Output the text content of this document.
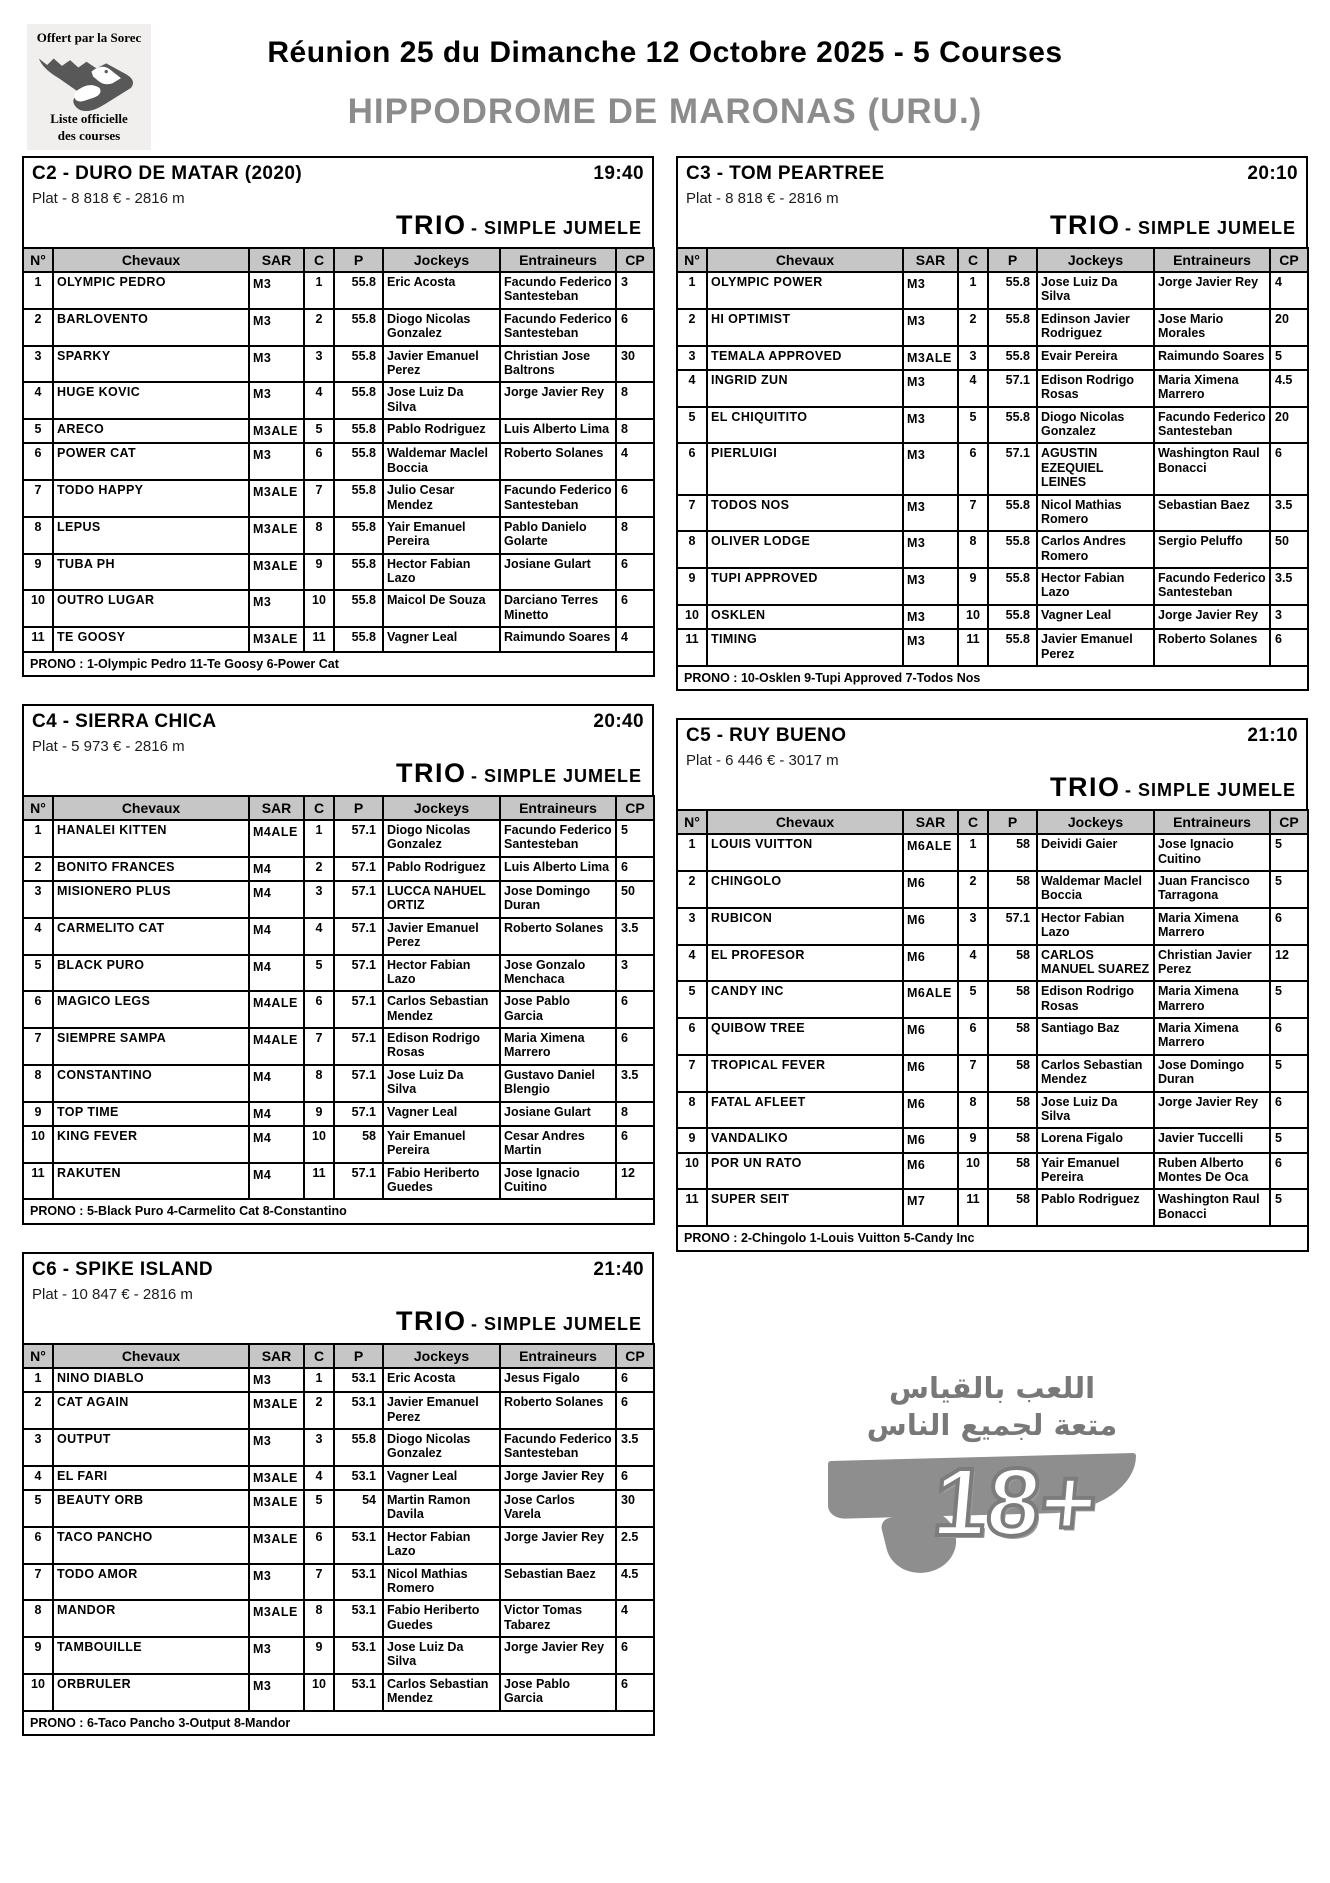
Offert par la Sorec
Liste officielle
des courses
Réunion 25 du Dimanche 12 Octobre 2025 - 5 Courses
HIPPODROME DE MARONAS (URU.)
C2 - DURO DE MATAR (2020)	19:40
Plat - 8 818 € - 2816 m
TRIO - SIMPLE JUMELE
N°	Chevaux	SAR	C	P	Jockeys	Entraineurs	CP
1	OLYMPIC PEDRO	M3	1	55.8	Eric Acosta	Facundo Federico Santesteban	3
2	BARLOVENTO	M3	2	55.8	Diogo Nicolas Gonzalez	Facundo Federico Santesteban	6
3	SPARKY	M3	3	55.8	Javier Emanuel Perez	Christian Jose Baltrons	30
4	HUGE KOVIC	M3	4	55.8	Jose Luiz Da Silva	Jorge Javier Rey	8
5	ARECO	M3ALE	5	55.8	Pablo Rodriguez	Luis Alberto Lima	8
6	POWER CAT	M3	6	55.8	Waldemar Maclel Boccia	Roberto Solanes	4
7	TODO HAPPY	M3ALE	7	55.8	Julio Cesar Mendez	Facundo Federico Santesteban	6
8	LEPUS	M3ALE	8	55.8	Yair Emanuel Pereira	Pablo Danielo Golarte	8
9	TUBA PH	M3ALE	9	55.8	Hector Fabian Lazo	Josiane Gulart	6
10	OUTRO LUGAR	M3	10	55.8	Maicol De Souza	Darciano Terres Minetto	6
11	TE GOOSY	M3ALE	11	55.8	Vagner Leal	Raimundo Soares	4
PRONO : 1-Olympic Pedro 11-Te Goosy 6-Power Cat							
C4 - SIERRA CHICA	20:40
Plat - 5 973 € - 2816 m
TRIO - SIMPLE JUMELE
N°	Chevaux	SAR	C	P	Jockeys	Entraineurs	CP
1	HANALEI KITTEN	M4ALE	1	57.1	Diogo Nicolas Gonzalez	Facundo Federico Santesteban	5
2	BONITO FRANCES	M4	2	57.1	Pablo Rodriguez	Luis Alberto Lima	6
3	MISIONERO PLUS	M4	3	57.1	LUCCA NAHUEL ORTIZ	Jose Domingo Duran	50
4	CARMELITO CAT	M4	4	57.1	Javier Emanuel Perez	Roberto Solanes	3.5
5	BLACK PURO	M4	5	57.1	Hector Fabian Lazo	Jose Gonzalo Menchaca	3
6	MAGICO LEGS	M4ALE	6	57.1	Carlos Sebastian Mendez	Jose Pablo Garcia	6
7	SIEMPRE SAMPA	M4ALE	7	57.1	Edison Rodrigo Rosas	Maria Ximena Marrero	6
8	CONSTANTINO	M4	8	57.1	Jose Luiz Da Silva	Gustavo Daniel Blengio	3.5
9	TOP TIME	M4	9	57.1	Vagner Leal	Josiane Gulart	8
10	KING FEVER	M4	10	58	Yair Emanuel Pereira	Cesar Andres Martin	6
11	RAKUTEN	M4	11	57.1	Fabio Heriberto Guedes	Jose Ignacio Cuitino	12
PRONO : 5-Black Puro 4-Carmelito Cat 8-Constantino							
C6 - SPIKE ISLAND	21:40
Plat - 10 847 € - 2816 m
TRIO - SIMPLE JUMELE
N°	Chevaux	SAR	C	P	Jockeys	Entraineurs	CP
1	NINO DIABLO	M3	1	53.1	Eric Acosta	Jesus Figalo	6
2	CAT AGAIN	M3ALE	2	53.1	Javier Emanuel Perez	Roberto Solanes	6
3	OUTPUT	M3	3	55.8	Diogo Nicolas Gonzalez	Facundo Federico Santesteban	3.5
4	EL FARI	M3ALE	4	53.1	Vagner Leal	Jorge Javier Rey	6
5	BEAUTY ORB	M3ALE	5	54	Martin Ramon Davila	Jose Carlos Varela	30
6	TACO PANCHO	M3ALE	6	53.1	Hector Fabian Lazo	Jorge Javier Rey	2.5
7	TODO AMOR	M3	7	53.1	Nicol Mathias Romero	Sebastian Baez	4.5
8	MANDOR	M3ALE	8	53.1	Fabio Heriberto Guedes	Victor Tomas Tabarez	4
9	TAMBOUILLE	M3	9	53.1	Jose Luiz Da Silva	Jorge Javier Rey	6
10	ORBRULER	M3	10	53.1	Carlos Sebastian Mendez	Jose Pablo Garcia	6
PRONO : 6-Taco Pancho 3-Output 8-Mandor							
C3 - TOM PEARTREE	20:10
Plat - 8 818 € - 2816 m
TRIO - SIMPLE JUMELE
N°	Chevaux	SAR	C	P	Jockeys	Entraineurs	CP
1	OLYMPIC POWER	M3	1	55.8	Jose Luiz Da Silva	Jorge Javier Rey	4
2	HI OPTIMIST	M3	2	55.8	Edinson Javier Rodriguez	Jose Mario Morales	20
3	TEMALA APPROVED	M3ALE	3	55.8	Evair Pereira	Raimundo Soares	5
4	INGRID ZUN	M3	4	57.1	Edison Rodrigo Rosas	Maria Ximena Marrero	4.5
5	EL CHIQUITITO	M3	5	55.8	Diogo Nicolas Gonzalez	Facundo Federico Santesteban	20
6	PIERLUIGI	M3	6	57.1	AGUSTIN EZEQUIEL LEINES	Washington Raul Bonacci	6
7	TODOS NOS	M3	7	55.8	Nicol Mathias Romero	Sebastian Baez	3.5
8	OLIVER LODGE	M3	8	55.8	Carlos Andres Romero	Sergio Peluffo	50
9	TUPI APPROVED	M3	9	55.8	Hector Fabian Lazo	Facundo Federico Santesteban	3.5
10	OSKLEN	M3	10	55.8	Vagner Leal	Jorge Javier Rey	3
11	TIMING	M3	11	55.8	Javier Emanuel Perez	Roberto Solanes	6
PRONO : 10-Osklen 9-Tupi Approved 7-Todos Nos							
C5 - RUY BUENO	21:10
Plat - 6 446 € - 3017 m
TRIO - SIMPLE JUMELE
N°	Chevaux	SAR	C	P	Jockeys	Entraineurs	CP
1	LOUIS VUITTON	M6ALE	1	58	Deividi Gaier	Jose Ignacio Cuitino	5
2	CHINGOLO	M6	2	58	Waldemar Maclel Boccia	Juan Francisco Tarragona	5
3	RUBICON	M6	3	57.1	Hector Fabian Lazo	Maria Ximena Marrero	6
4	EL PROFESOR	M6	4	58	CARLOS MANUEL SUAREZ	Christian Javier Perez	12
5	CANDY INC	M6ALE	5	58	Edison Rodrigo Rosas	Maria Ximena Marrero	5
6	QUIBOW TREE	M6	6	58	Santiago Baz	Maria Ximena Marrero	6
7	TROPICAL FEVER	M6	7	58	Carlos Sebastian Mendez	Jose Domingo Duran	5
8	FATAL AFLEET	M6	8	58	Jose Luiz Da Silva	Jorge Javier Rey	6
9	VANDALIKO	M6	9	58	Lorena Figalo	Javier Tuccelli	5
10	POR UN RATO	M6	10	58	Yair Emanuel Pereira	Ruben Alberto Montes De Oca	6
11	SUPER SEIT	M7	11	58	Pablo Rodriguez	Washington Raul Bonacci	5
PRONO : 2-Chingolo 1-Louis Vuitton 5-Candy Inc							
اللعب بالقياس
متعة لجميع الناس
18+
